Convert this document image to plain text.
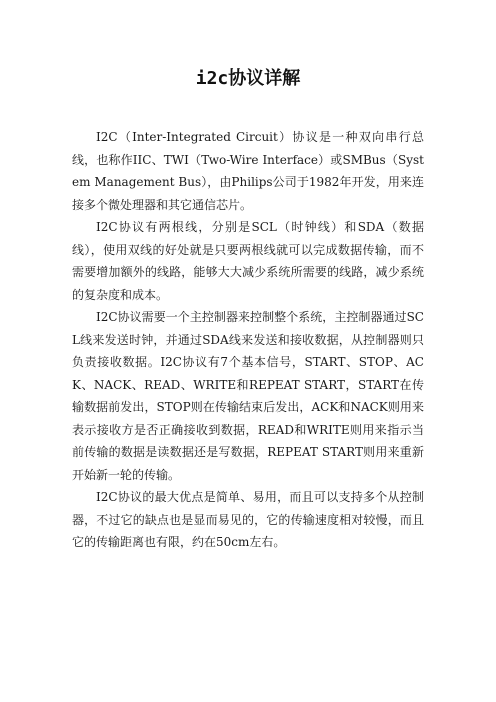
i2c协议详解

I2C（Inter-Integrated Circuit）协议是一种双向串行总线，也称作IIC、TWI（Two-Wire Interface）或SMBus（System Management Bus），由Philips公司于1982年开发，用来连接多个微处理器和其它通信芯片。

I2C协议有两根线，分别是SCL（时钟线）和SDA（数据线），使用双线的好处就是只要两根线就可以完成数据传输，而不需要增加额外的线路，能够大大减少系统所需要的线路，减少系统的复杂度和成本。

I2C协议需要一个主控制器来控制整个系统，主控制器通过SCL线来发送时钟，并通过SDA线来发送和接收数据，从控制器则只负责接收数据。I2C协议有7个基本信号，START、STOP、ACK、NACK、READ、WRITE和REPEAT START，START在传输数据前发出，STOP则在传输结束后发出，ACK和NACK则用来表示接收方是否正确接收到数据，READ和WRITE则用来指示当前传输的数据是读数据还是写数据，REPEAT START则用来重新开始新一轮的传输。

I2C协议的最大优点是简单、易用，而且可以支持多个从控制器，不过它的缺点也是显而易见的，它的传输速度相对较慢，而且它的传输距离也有限，约在50cm左右。
